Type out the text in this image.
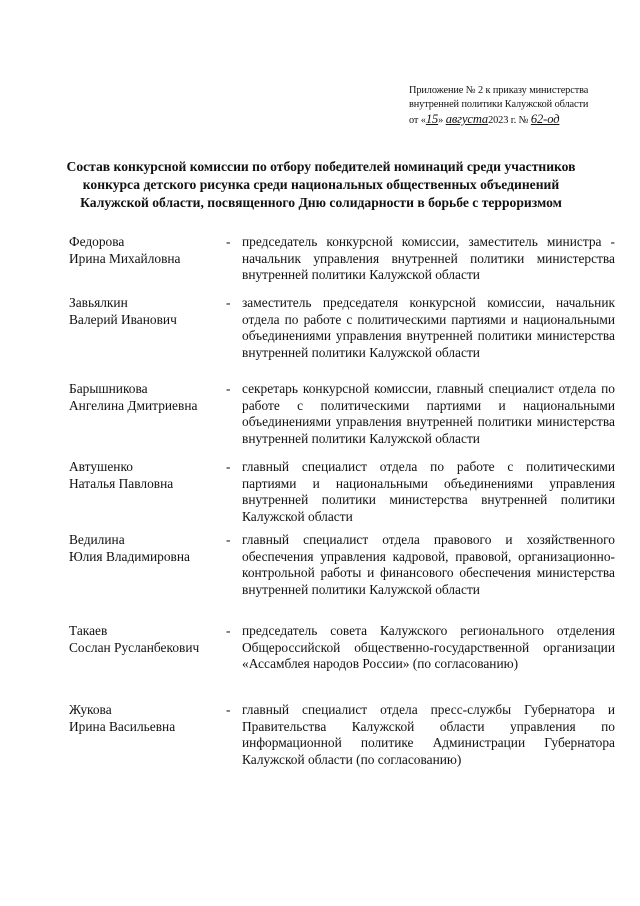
Приложение № 2 к приказу министерства
внутренней политики Калужской области
от «15» августа2023 г. № 62-од
Состав конкурсной комиссии по отбору победителей номинаций среди участников
конкурса детского рисунка среди национальных общественных объединений
Калужской области, посвященного Дню солидарности в борьбе с терроризмом
Федорова
Ирина Михайловна
- председатель конкурсной комиссии, заместитель министра - начальник управления внутренней политики министерства внутренней политики Калужской области
Завьялкин
Валерий Иванович
- заместитель председателя конкурсной комиссии, начальник отдела по работе с политическими партиями и национальными объединениями управления внутренней политики министерства внутренней политики Калужской области
Барышникова
Ангелина Дмитриевна
- секретарь конкурсной комиссии, главный специалист отдела по работе с политическими партиями и национальными объединениями управления внутренней политики министерства внутренней политики Калужской области
Автушенко
Наталья Павловна
- главный специалист отдела по работе с политическими партиями и национальными объединениями управления внутренней политики министерства внутренней политики Калужской области
Ведилина
Юлия Владимировна
- главный специалист отдела правового и хозяйственного обеспечения управления кадровой, правовой, организационно-контрольной работы и финансового обеспечения министерства внутренней политики Калужской области
Такаев
Сослан Русланбекович
- председатель совета Калужского регионального отделения Общероссийской общественно-государственной организации «Ассамблея народов России» (по согласованию)
Жукова
Ирина Васильевна
- главный специалист отдела пресс-службы Губернатора и Правительства Калужской области управления по информационной политике Администрации Губернатора Калужской области (по согласованию)
